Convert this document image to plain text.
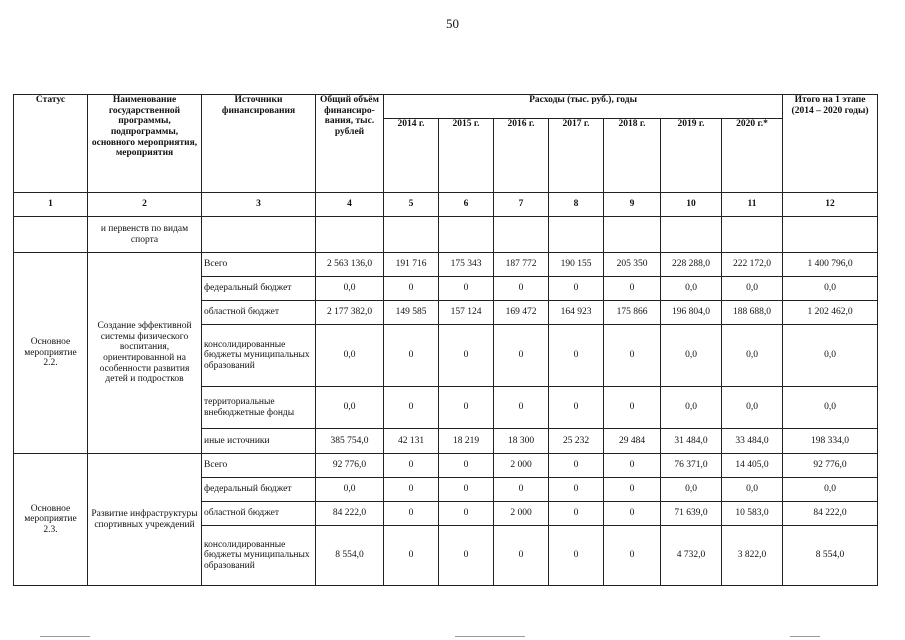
50
Статус	Наименование государственной программы, подпрограммы, основного мероприятия, мероприятия	Источники финансирования	Общий объём финансиро-вания, тыс. рублей	Расходы (тыс. руб.), годы							Итого на 1 этапе (2014 – 2020 годы)
				2014 г.	2015 г.	2016 г.	2017 г.	2018 г.	2019 г.	2020 г.*	
1	2	3	4	5	6	7	8	9	10	11	12
	и первенств по видам спорта										
Основное мероприятие 2.2.	Создание эффективной системы физического воспитания, ориентированной на особенности развития детей и подростков	Всего	2 563 136,0	191 716	175 343	187 772	190 155	205 350	228 288,0	222 172,0	1 400 796,0
		федеральный бюджет	0,0	0	0	0	0	0	0,0	0,0	0,0
		областной бюджет	2 177 382,0	149 585	157 124	169 472	164 923	175 866	196 804,0	188 688,0	1 202 462,0
		консолидированные бюджеты муниципальных образований	0,0	0	0	0	0	0	0,0	0,0	0,0
		территориальные внебюджетные фонды	0,0	0	0	0	0	0	0,0	0,0	0,0
		иные источники	385 754,0	42 131	18 219	18 300	25 232	29 484	31 484,0	33 484,0	198 334,0
Основное мероприятие 2.3.	Развитие инфраструктуры спортивных учреждений	Всего	92 776,0	0	0	2 000	0	0	76 371,0	14 405,0	92 776,0
		федеральный бюджет	0,0	0	0	0	0	0	0,0	0,0	0,0
		областной бюджет	84 222,0	0	0	2 000	0	0	71 639,0	10 583,0	84 222,0
		консолидированные бюджеты муниципальных образований	8 554,0	0	0	0	0	0	4 732,0	3 822,0	8 554,0
